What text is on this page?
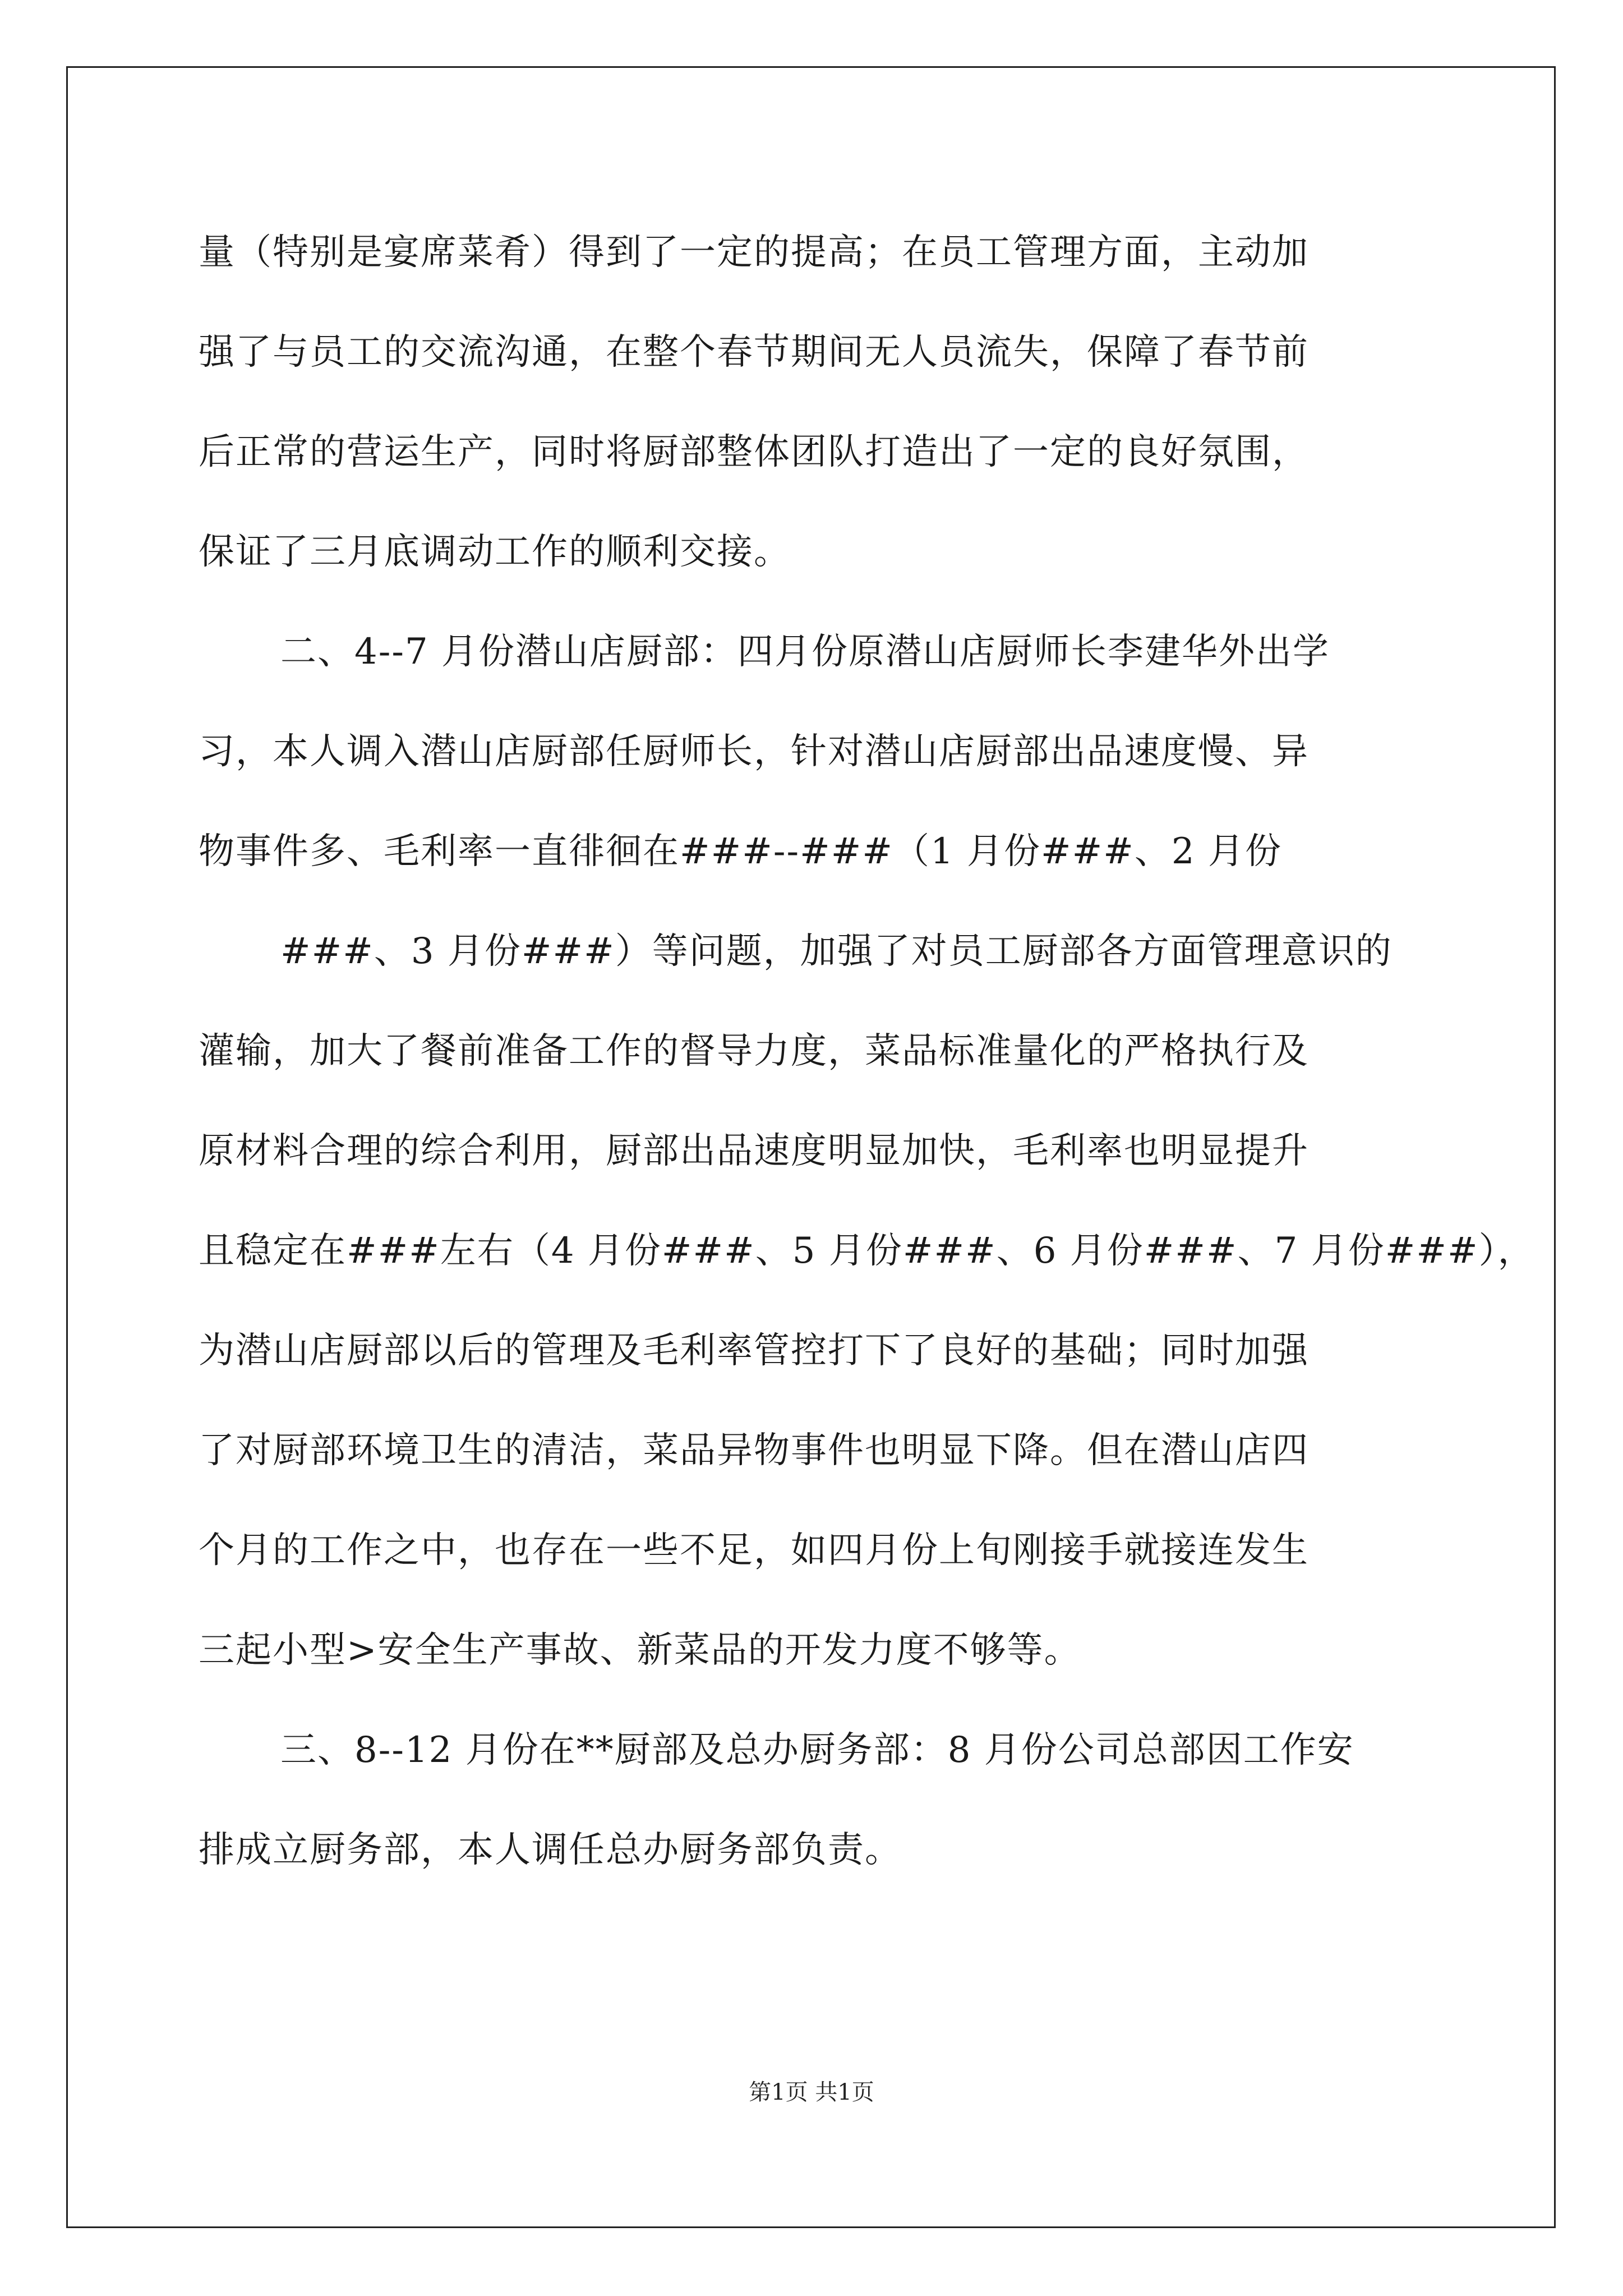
量（特别是宴席菜肴）得到了一定的提高；在员工管理方面，主动加
强了与员工的交流沟通，在整个春节期间无人员流失，保障了春节前
后正常的营运生产，同时将厨部整体团队打造出了一定的良好氛围，
保证了三月底调动工作的顺利交接。
二、4--7 月份潜山店厨部：四月份原潜山店厨师长李建华外出学
习，本人调入潜山店厨部任厨师长，针对潜山店厨部出品速度慢、异
物事件多、毛利率一直徘徊在###--###（1 月份###、2 月份
###、3 月份###）等问题，加强了对员工厨部各方面管理意识的
灌输，加大了餐前准备工作的督导力度，菜品标准量化的严格执行及
原材料合理的综合利用，厨部出品速度明显加快，毛利率也明显提升
且稳定在###左右（4 月份###、5 月份###、6 月份###、7 月份###），
为潜山店厨部以后的管理及毛利率管控打下了良好的基础；同时加强
了对厨部环境卫生的清洁，菜品异物事件也明显下降。但在潜山店四
个月的工作之中，也存在一些不足，如四月份上旬刚接手就接连发生
三起小型>安全生产事故、新菜品的开发力度不够等。
三、8--12 月份在**厨部及总办厨务部：8 月份公司总部因工作安
排成立厨务部，本人调任总办厨务部负责。
第1页 共1页
